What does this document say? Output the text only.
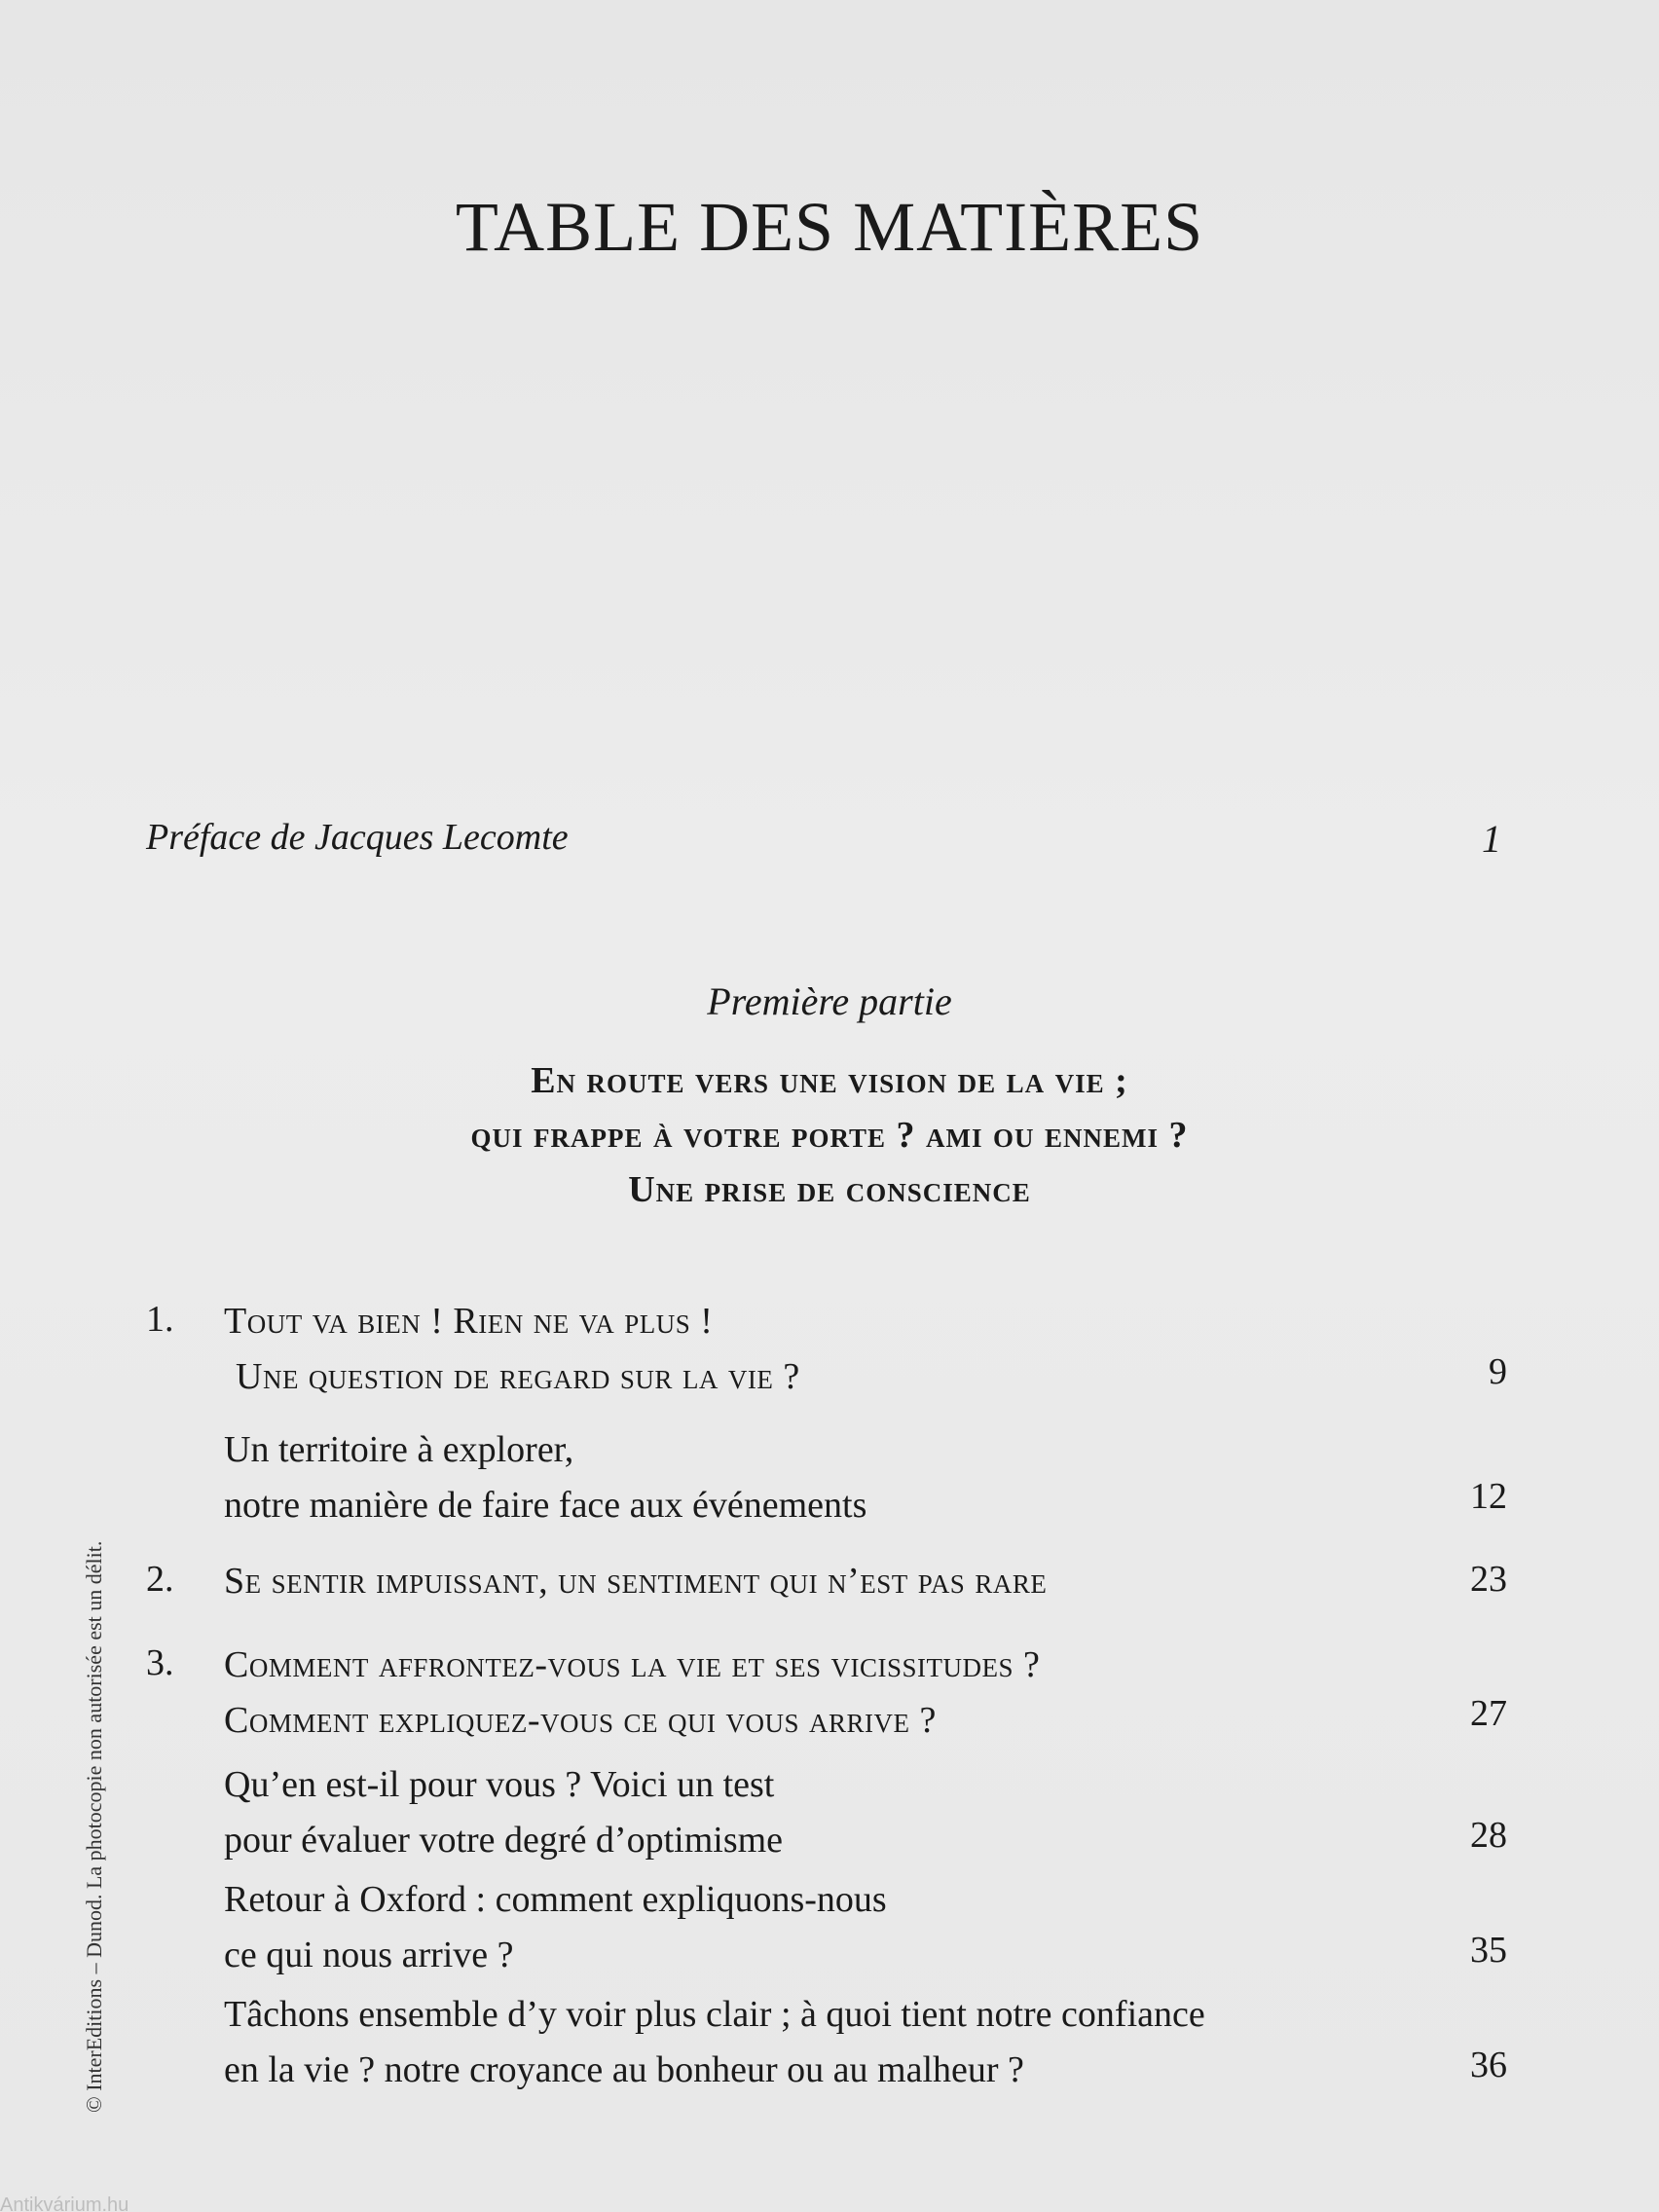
TABLE DES MATIÈRES
Préface de Jacques Lecomte	1
Première partie
En route vers une vision de la vie ;
qui frappe à votre porte ? ami ou ennemi ?
Une prise de conscience
1. Tout va bien ! Rien ne va plus !
Une question de regard sur la vie ?	9
Un territoire à explorer,
notre manière de faire face aux événements	12
2. Se sentir impuissant, un sentiment qui n’est pas rare	23
3. Comment affrontez-vous la vie et ses vicissitudes ?
Comment expliquez-vous ce qui vous arrive ?	27
Qu’en est-il pour vous ? Voici un test
pour évaluer votre degré d’optimisme	28
Retour à Oxford : comment expliquons-nous
ce qui nous arrive ?	35
Tâchons ensemble d’y voir plus clair ; à quoi tient notre confiance
en la vie ? notre croyance au bonheur ou au malheur ?	36
© InterEditions – Dunod. La photocopie non autorisée est un délit.
Antikvárium.hu
